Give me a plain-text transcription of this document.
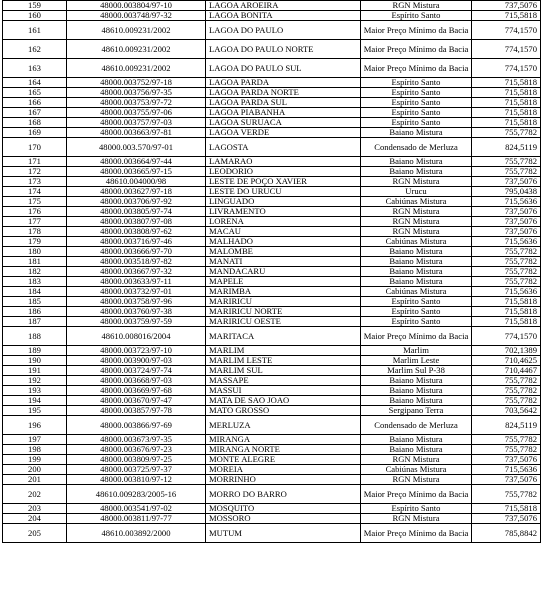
159	48000.003804/97-10	LAGOA AROEIRA	RGN Mistura	737,5076
160	48000.003748/97-32	LAGOA BONITA	Espírito Santo	715,5818
161	48610.009231/2002	LAGOA DO PAULO	Maior Preço Mínimo da Bacia	774,1570
162	48610.009231/2002	LAGOA DO PAULO NORTE	Maior Preço Mínimo da Bacia	774,1570
163	48610.009231/2002	LAGOA DO PAULO SUL	Maior Preço Mínimo da Bacia	774,1570
164	48000.003752/97-18	LAGOA PARDA	Espírito Santo	715,5818
165	48000.003756/97-35	LAGOA PARDA NORTE	Espírito Santo	715,5818
166	48000.003753/97-72	LAGOA PARDA SUL	Espírito Santo	715,5818
167	48000.003755/97-06	LAGOA PIABANHA	Espírito Santo	715,5818
168	48000.003757/97-03	LAGOA SURUACA	Espírito Santo	715,5818
169	48000.003663/97-81	LAGOA VERDE	Baiano Mistura	755,7782
170	48000.003.570/97-01	LAGOSTA	Condensado de Merluza	824,5119
171	48000.003664/97-44	LAMARAO	Baiano Mistura	755,7782
172	48000.003665/97-15	LEODORIO	Baiano Mistura	755,7782
173	48610.004000/98	LESTE DE POÇO XAVIER	RGN Mistura	737,5076
174	48000.003627/97-18	LESTE DO URUCU	Urucu	795,0438
175	48000.003706/97-92	LINGUADO	Cabiúnas Mistura	715,5636
176	48000.003805/97-74	LIVRAMENTO	RGN Mistura	737,5076
177	48000.003807/97-08	LORENA	RGN Mistura	737,5076
178	48000.003808/97-62	MACAU	RGN Mistura	737,5076
179	48000.003716/97-46	MALHADO	Cabiúnas Mistura	715,5636
180	48000.003666/97-70	MALOMBE	Baiano Mistura	755,7782
181	48000.003518/97-82	MANATI	Baiano Mistura	755,7782
182	48000.003667/97-32	MANDACARU	Baiano Mistura	755,7782
183	48000.003633/97-11	MAPELE	Baiano Mistura	755,7782
184	48000.003732/97-01	MARIMBA	Cabiúnas Mistura	715,5636
185	48000.003758/97-96	MARIRICU	Espírito Santo	715,5818
186	48000.003760/97-38	MARIRICU NORTE	Espírito Santo	715,5818
187	48000.003759/97-59	MARIRICU OESTE	Espírito Santo	715,5818
188	48610.008016/2004	MARITACA	Maior Preço Mínimo da Bacia	774,1570
189	48000.003723/97-10	MARLIM	Marlim	702,1389
190	48000.003900/97-03	MARLIM LESTE	Marlim Leste	710,4625
191	48000.003724/97-74	MARLIM SUL	Marlim Sul P-38	710,4467
192	48000.003668/97-03	MASSAPE	Baiano Mistura	755,7782
193	48000.003669/97-68	MASSUI	Baiano Mistura	755,7782
194	48000.003670/97-47	MATA DE SAO JOAO	Baiano Mistura	755,7782
195	48000.003857/97-78	MATO GROSSO	Sergipano Terra	703,5642
196	48000.003866/97-69	MERLUZA	Condensado de Merluza	824,5119
197	48000.003673/97-35	MIRANGA	Baiano Mistura	755,7782
198	48000.003676/97-23	MIRANGA NORTE	Baiano Mistura	755,7782
199	48000.003809/97-25	MONTE ALEGRE	RGN Mistura	737,5076
200	48000.003725/97-37	MOREIA	Cabiúnas Mistura	715,5636
201	48000.003810/97-12	MORRINHO	RGN Mistura	737,5076
202	48610.009283/2005-16	MORRO DO BARRO	Maior Preço Mínimo da Bacia	755,7782
203	48000.003541/97-02	MOSQUITO	Espírito Santo	715,5818
204	48000.003811/97-77	MOSSORO	RGN Mistura	737,5076
205	48610.003892/2000	MUTUM	Maior Preço Mínimo da Bacia	785,8842
